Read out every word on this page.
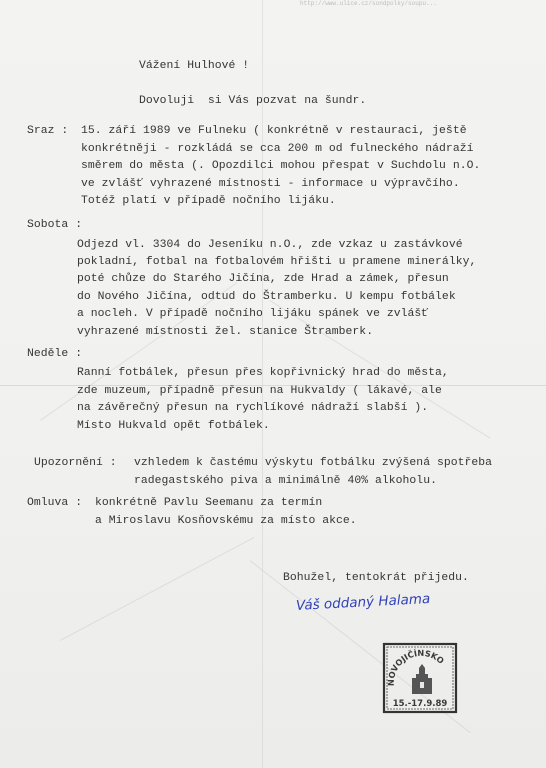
http://www.ulice.cz/sondpolky/soupu...
Vážení Hulhové !
Dovoluji  si Vás pozvat na šundr.
Sraz : 15. září 1989 ve Fulneku ( konkrétně v restauraci, ještě
konkrétněji - rozkládá se cca 200 m od fulneckého nádraží
směrem do města (. Opozdilci mohou přespat v Suchdolu n.O.
ve zvlášť vyhrazené místnosti - informace u výpravčího.
Totéž platí v případě nočního lijáku.
Sobota :
Odjezd vl. 3304 do Jeseníku n.O., zde vzkaz u zastávkové
pokladní, fotbal na fotbalovém hřišti u pramene minerálky,
poté chůze do Starého Jičína, zde Hrad a zámek, přesun
do Nového Jičína, odtud do Štramberku. U kempu fotbálek
a nocleh. V případě nočního lijáku spánek ve zvlášť
vyhrazené místnosti žel. stanice Štramberk.
Neděle :
Ranní fotbálek, přesun přes kopřivnický hrad do města,
zde muzeum, případně přesun na Hukvaldy ( lákavé, ale
na závěrečný přesun na rychlíkové nádraží slabší ).
Místo Hukvald opět fotbálek.
Upozornění : vzhledem k častému výskytu fotbálku zvýšená spotřeba
radegastského piva a minimálně 40% alkoholu.
Omluva : konkrétně Pavlu Seemanu za termín
a Miroslavu Kosňovskému za místo akce.
Bohužel, tentokrát přijedu.
Váš oddaný Halama
NOVOJIČÍNSKO
15.-17.9.89
